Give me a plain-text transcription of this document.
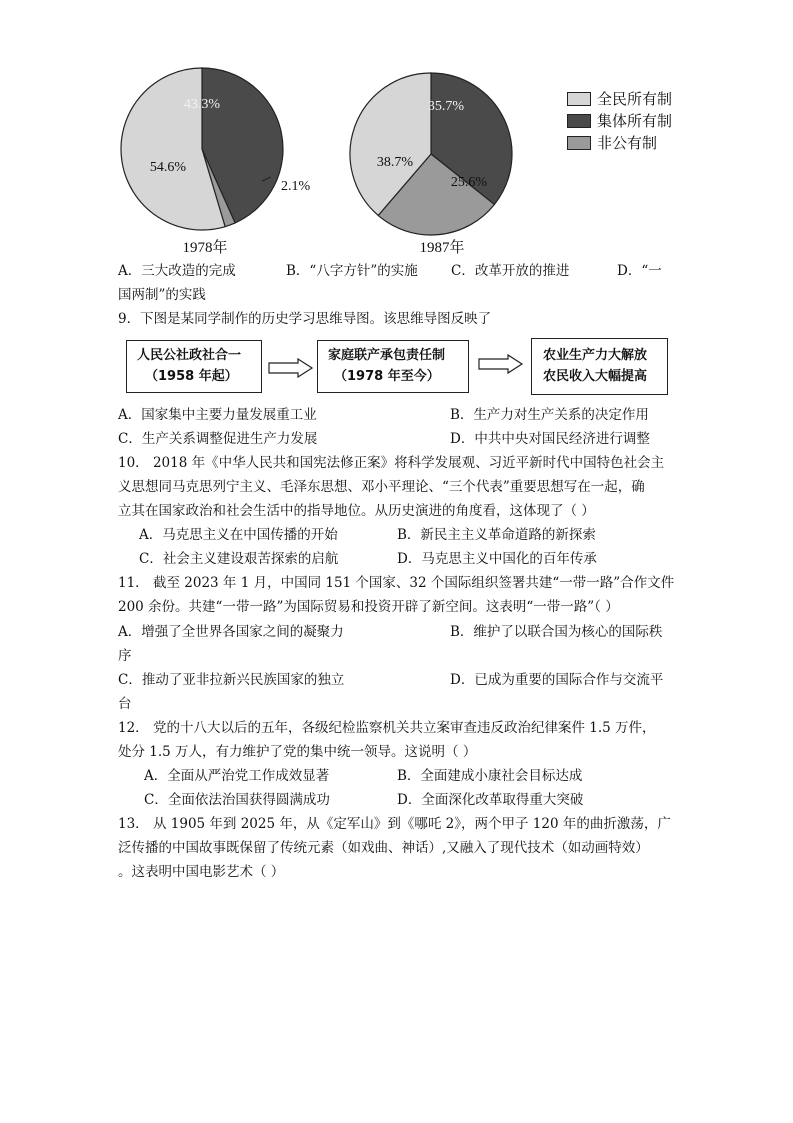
43.3%
2.1%
54.6%
1978年
35.7%
25.6%
38.7%
1987年
全民所有制
集体所有制
非公有制
A．三大改造的完成	B．“八字方针”的实施 C．改革开放的推进	D．“一
国两制”的实践
9．下图是某同学制作的历史学习思维导图。该思维导图反映了
人民公社政社合一
（1958 年起）
家庭联产承包责任制
（1978 年至今）
农业生产力大解放
农民收入大幅提高
A．国家集中主要力量发展重工业	B．生产力对生产关系的决定作用
C．生产关系调整促进生产力发展	D．中共中央对国民经济进行调整
10． 2018 年《中华人民共和国宪法修正案》将科学发展观、习近平新时代中国特色社会主
义思想同马克思列宁主义、毛泽东思想、邓小平理论、“三个代表”重要思想写在一起，确
立其在国家政治和社会生活中的指导地位。从历史演进的角度看，这体现了（ ）
A．马克思主义在中国传播的开始	B．新民主主义革命道路的新探索
C．社会主义建设艰苦探索的启航	D．马克思主义中国化的百年传承
11． 截至 2023 年 1 月，中国同 151 个国家、32 个国际组织签署共建“一带一路”合作文件
200 余份。共建“一带一路”为国际贸易和投资开辟了新空间。这表明“一带一路”（ ）
A．增强了全世界各国家之间的凝聚力	B．维护了以联合国为核心的国际秩
序
C．推动了亚非拉新兴民族国家的独立	D．已成为重要的国际合作与交流平
台
12． 党的十八大以后的五年，各级纪检监察机关共立案审查违反政治纪律案件 1.5 万件，
处分 1.5 万人，有力维护了党的集中统一领导。这说明（ ）
A．全面从严治党工作成效显著	B．全面建成小康社会目标达成
C．全面依法治国获得圆满成功	D．全面深化改革取得重大突破
13． 从 1905 年到 2025 年，从《定军山》到《哪吒 2》，两个甲子 120 年的曲折激荡，广
泛传播的中国故事既保留了传统元素（如戏曲、神话）,又融入了现代技术（如动画特效）
。这表明中国电影艺术（ ）
